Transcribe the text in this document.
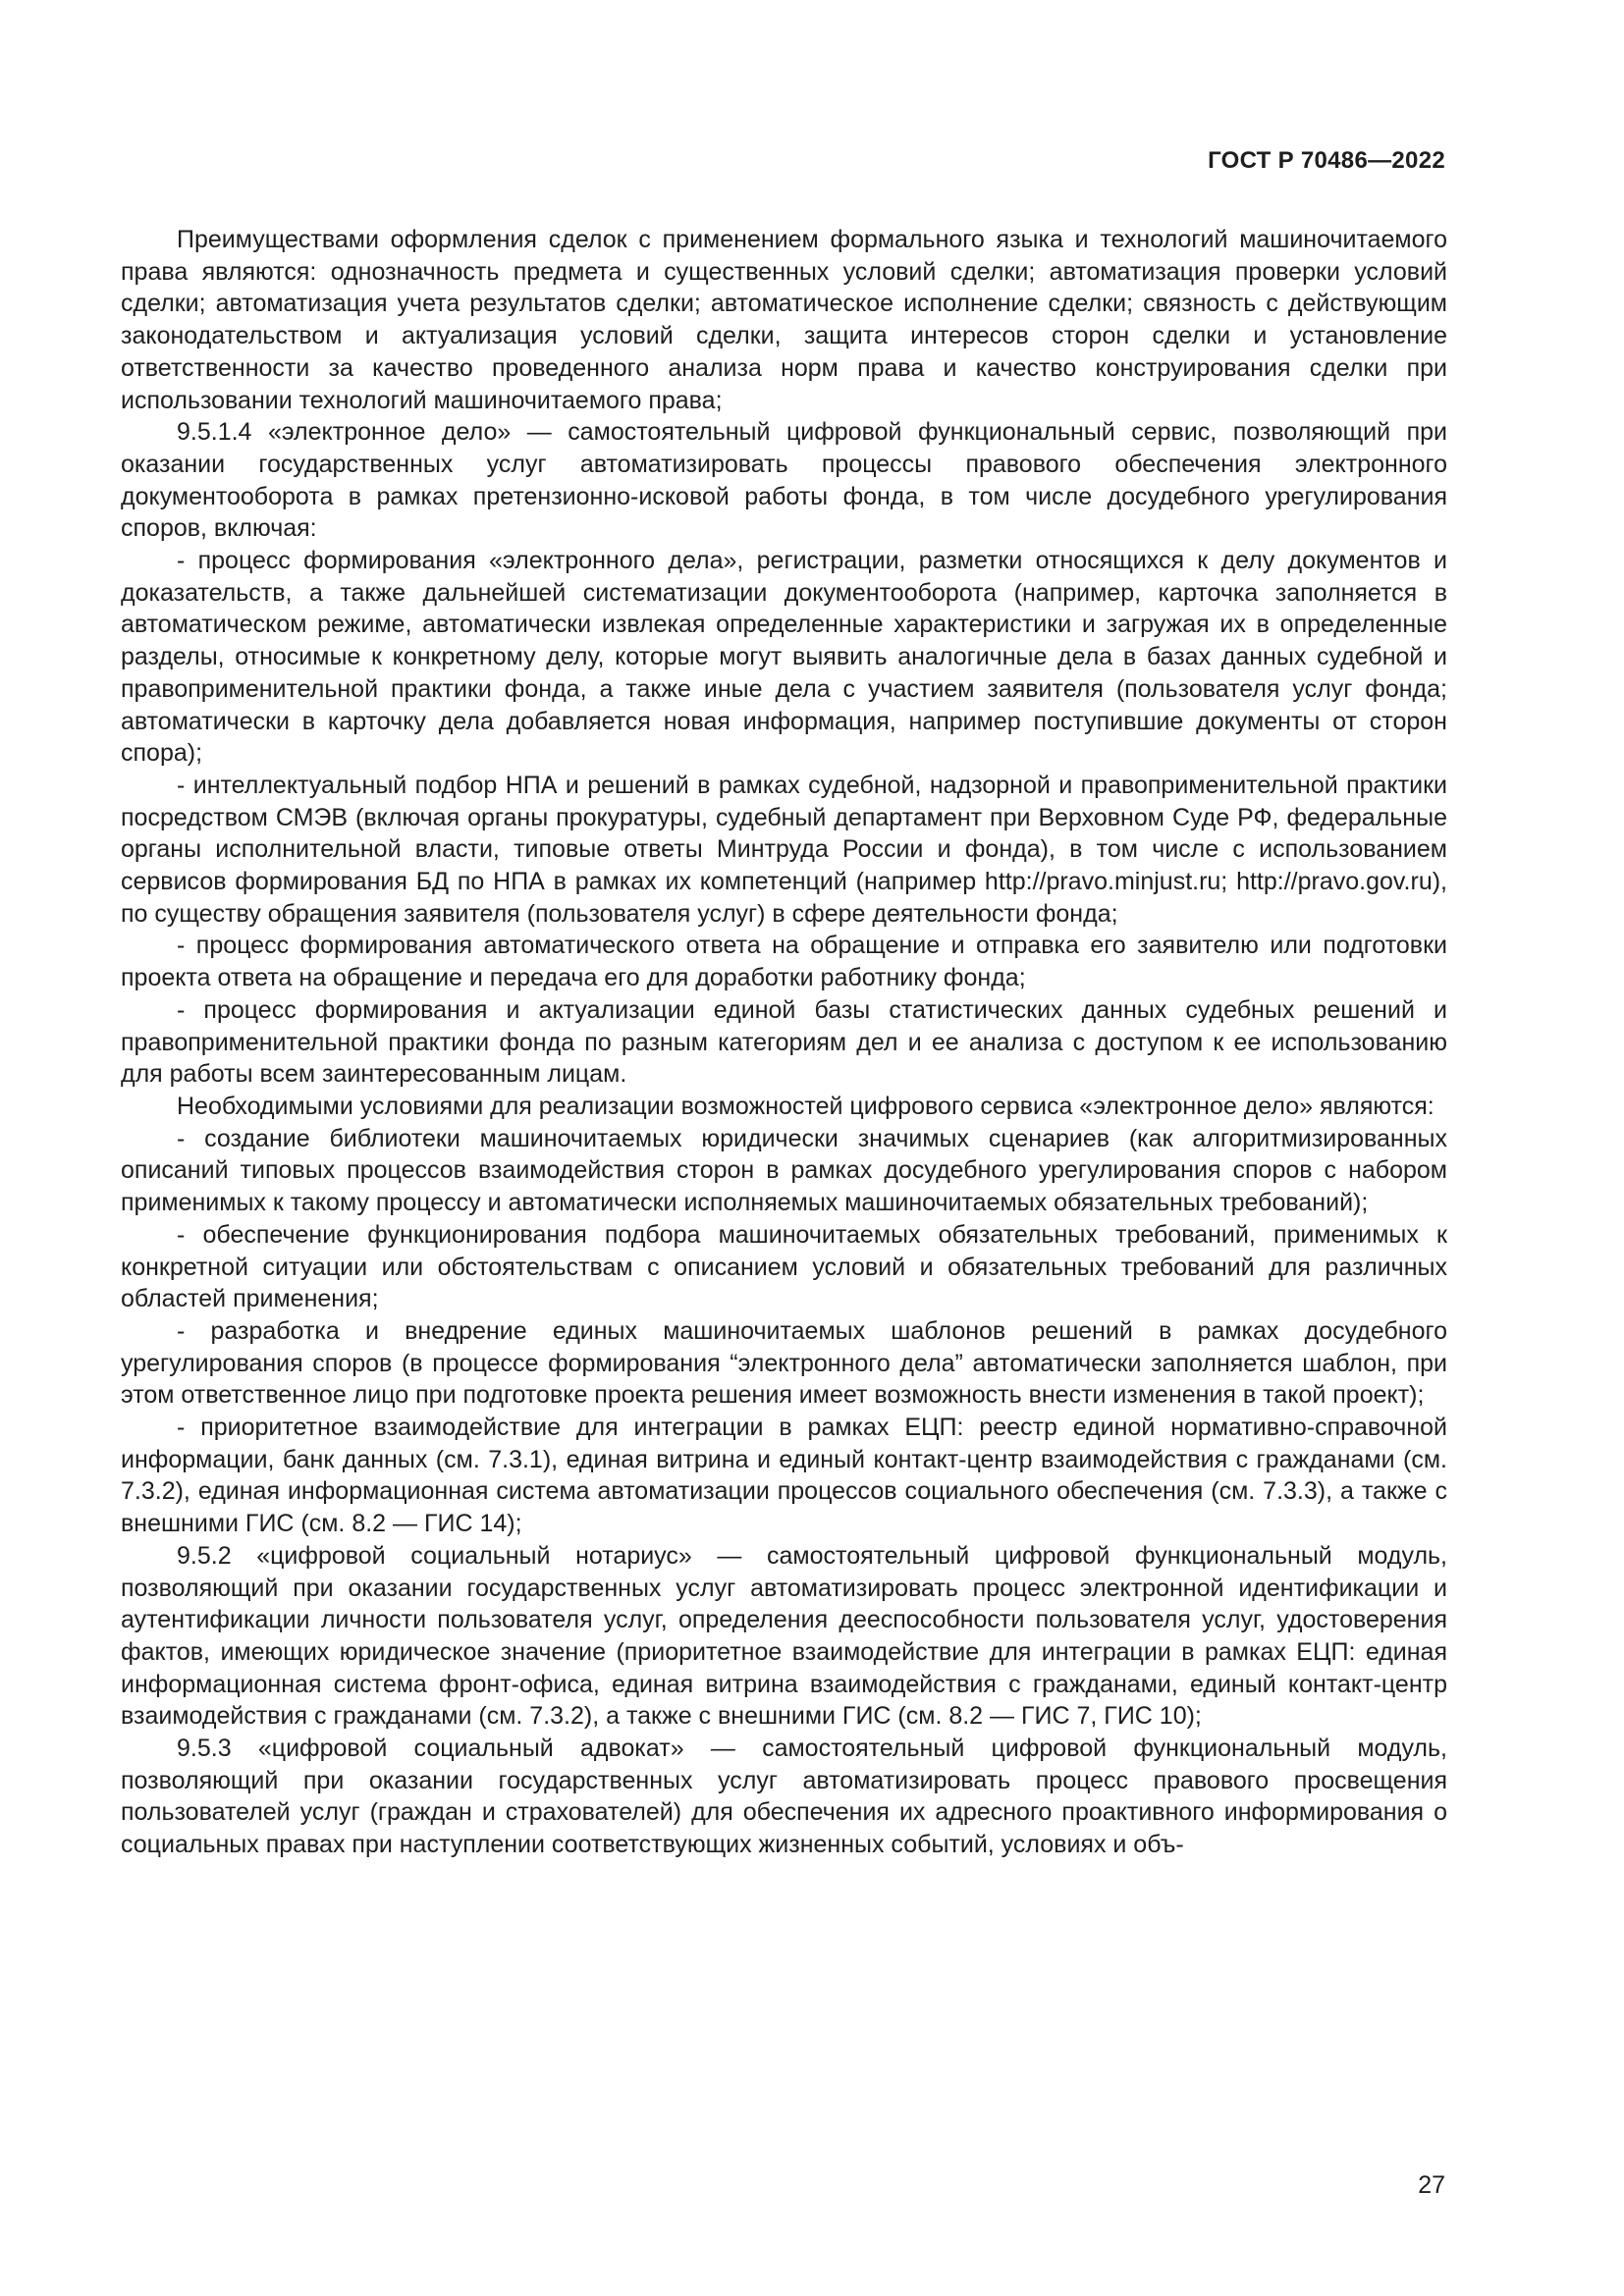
ГОСТ Р 70486—2022

Преимуществами оформления сделок с применением формального языка и технологий машиночитаемого права являются: однозначность предмета и существенных условий сделки; автоматизация проверки условий сделки; автоматизация учета результатов сделки; автоматическое исполнение сделки; связность с действующим законодательством и актуализация условий сделки, защита интересов сторон сделки и установление ответственности за качество проведенного анализа норм права и качество конструирования сделки при использовании технологий машиночитаемого права;

9.5.1.4 «электронное дело» — самостоятельный цифровой функциональный сервис, позволяющий при оказании государственных услуг автоматизировать процессы правового обеспечения электронного документооборота в рамках претензионно-исковой работы фонда, в том числе досудебного урегулирования споров, включая:

- процесс формирования «электронного дела», регистрации, разметки относящихся к делу документов и доказательств, а также дальнейшей систематизации документооборота (например, карточка заполняется в автоматическом режиме, автоматически извлекая определенные характеристики и загружая их в определенные разделы, относимые к конкретному делу, которые могут выявить аналогичные дела в базах данных судебной и правоприменительной практики фонда, а также иные дела с участием заявителя (пользователя услуг фонда; автоматически в карточку дела добавляется новая информация, например поступившие документы от сторон спора);

- интеллектуальный подбор НПА и решений в рамках судебной, надзорной и правоприменительной практики посредством СМЭВ (включая органы прокуратуры, судебный департамент при Верховном Суде РФ, федеральные органы исполнительной власти, типовые ответы Минтруда России и фонда), в том числе с использованием сервисов формирования БД по НПА в рамках их компетенций (например http://pravo.minjust.ru; http://pravo.gov.ru), по существу обращения заявителя (пользователя услуг) в сфере деятельности фонда;

- процесс формирования автоматического ответа на обращение и отправка его заявителю или подготовки проекта ответа на обращение и передача его для доработки работнику фонда;

- процесс формирования и актуализации единой базы статистических данных судебных решений и правоприменительной практики фонда по разным категориям дел и ее анализа с доступом к ее использованию для работы всем заинтересованным лицам.

Необходимыми условиями для реализации возможностей цифрового сервиса «электронное дело» являются:

- создание библиотеки машиночитаемых юридически значимых сценариев (как алгоритмизированных описаний типовых процессов взаимодействия сторон в рамках досудебного урегулирования споров с набором применимых к такому процессу и автоматически исполняемых машиночитаемых обязательных требований);

- обеспечение функционирования подбора машиночитаемых обязательных требований, применимых к конкретной ситуации или обстоятельствам с описанием условий и обязательных требований для различных областей применения;

- разработка и внедрение единых машиночитаемых шаблонов решений в рамках досудебного урегулирования споров (в процессе формирования “электронного дела” автоматически заполняется шаблон, при этом ответственное лицо при подготовке проекта решения имеет возможность внести изменения в такой проект);

- приоритетное взаимодействие для интеграции в рамках ЕЦП: реестр единой нормативно-справочной информации, банк данных (см. 7.3.1), единая витрина и единый контакт-центр взаимодействия с гражданами (см. 7.3.2), единая информационная система автоматизации процессов социального обеспечения (см. 7.3.3), а также с внешними ГИС (см. 8.2 — ГИС 14);

9.5.2 «цифровой социальный нотариус» — самостоятельный цифровой функциональный модуль, позволяющий при оказании государственных услуг автоматизировать процесс электронной идентификации и аутентификации личности пользователя услуг, определения дееспособности пользователя услуг, удостоверения фактов, имеющих юридическое значение (приоритетное взаимодействие для интеграции в рамках ЕЦП: единая информационная система фронт-офиса, единая витрина взаимодействия с гражданами, единый контакт-центр взаимодействия с гражданами (см. 7.3.2), а также с внешними ГИС (см. 8.2 — ГИС 7, ГИС 10);

9.5.3 «цифровой социальный адвокат» — самостоятельный цифровой функциональный модуль, позволяющий при оказании государственных услуг автоматизировать процесс правового просвещения пользователей услуг (граждан и страхователей) для обеспечения их адресного проактивного информирования о социальных правах при наступлении соответствующих жизненных событий, условиях и объ-

27
